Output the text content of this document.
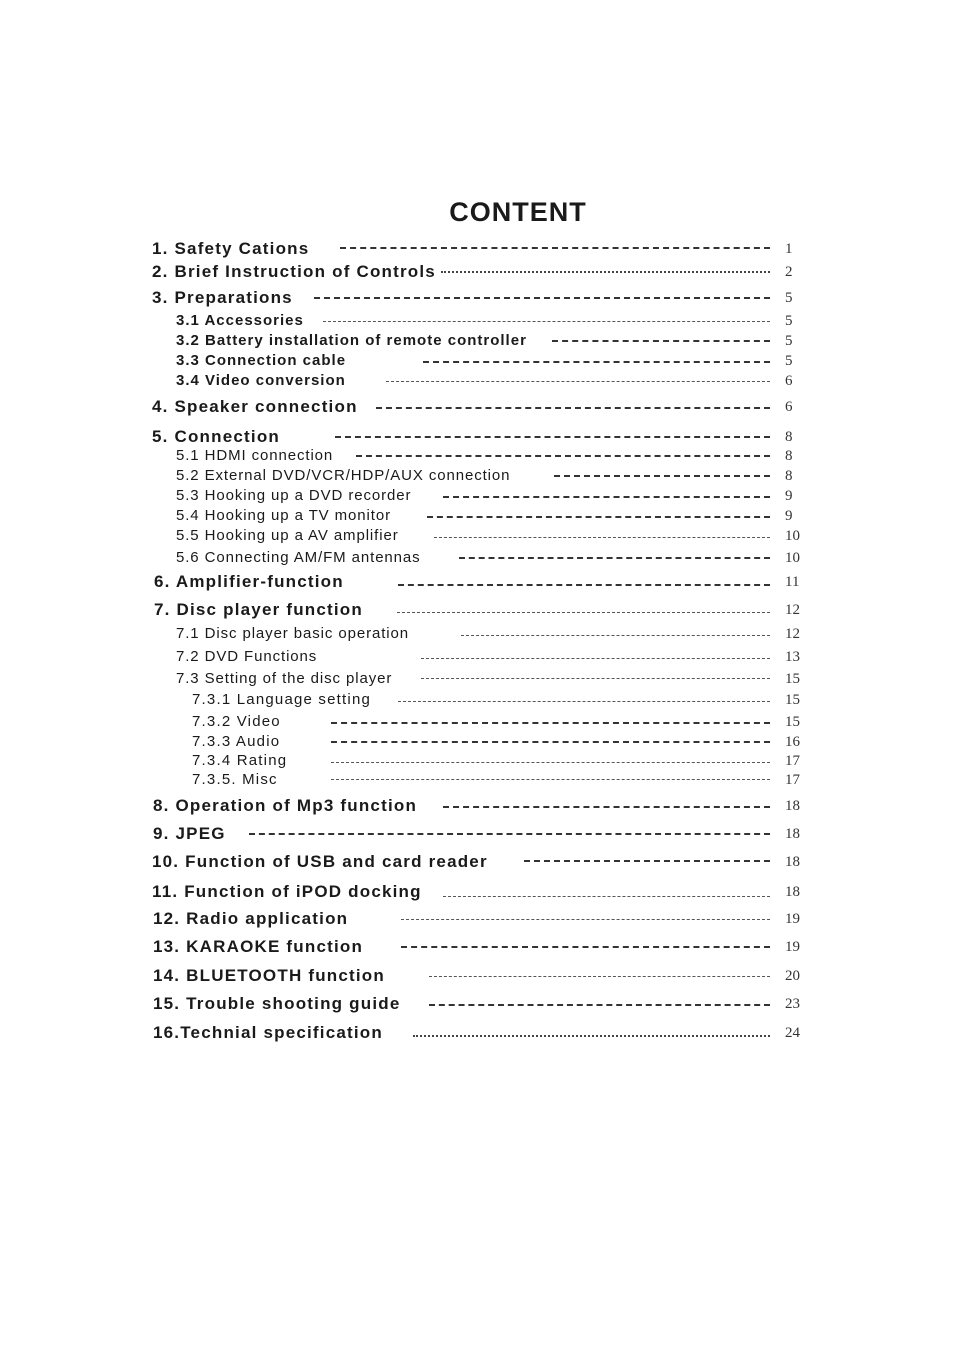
CONTENT
1. Safety Cations	1
2. Brief Instruction of Controls	2
3. Preparations	5
3.1 Accessories	5
3.2 Battery installation of remote controller	5
3.3 Connection cable	5
3.4 Video conversion	6
4. Speaker connection	6
5. Connection	8
5.1 HDMI connection	8
5.2 External DVD/VCR/HDP/AUX connection	8
5.3 Hooking up a DVD recorder	9
5.4 Hooking up a TV monitor	9
5.5 Hooking up a AV amplifier	10
5.6 Connecting AM/FM antennas	10
6. Amplifier-function	11
7. Disc player function	12
7.1 Disc player basic operation	12
7.2 DVD Functions	13
7.3 Setting of the disc player	15
7.3.1 Language setting	15
7.3.2 Video	15
7.3.3 Audio	16
7.3.4 Rating	17
7.3.5. Misc	17
8. Operation of Mp3 function	18
9. JPEG	18
10. Function of USB and card reader	18
11. Function of iPOD docking	18
12. Radio application	19
13. KARAOKE function	19
14. BLUETOOTH function	20
15. Trouble shooting guide	23
16.Technial specification	24
